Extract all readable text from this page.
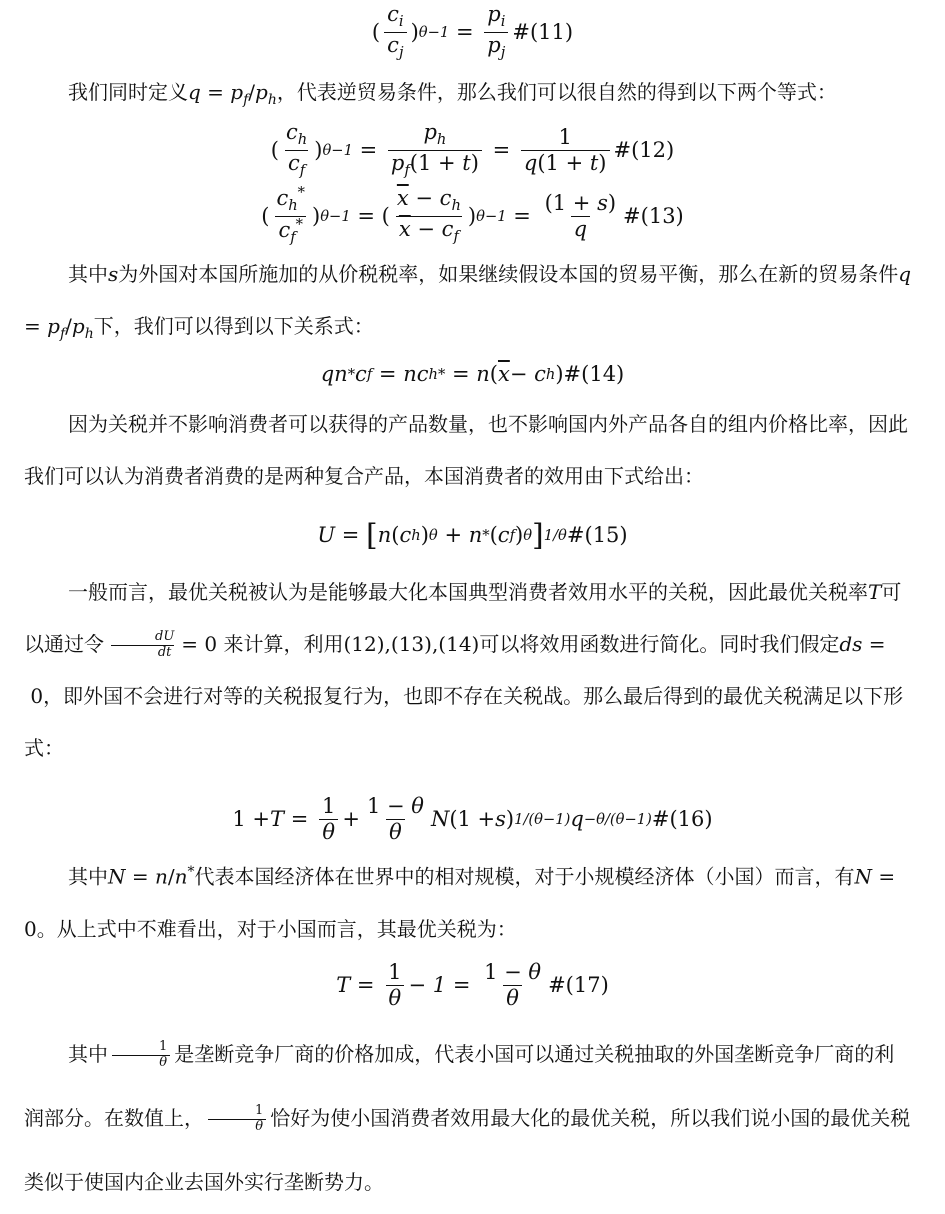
( $\frac{c_i}{c_j}$ ) $\theta-1 = \frac{p_i}{p_j}$ #(11)

我们同时定义$q = p_f/p_h$，代表逆贸易条件，那么我们可以很自然的得到以下两个等式：

( $\frac{c_h}{c_f}$ ) $\theta-1 = \frac{p_h}{p_f(1 + t)} = \frac{1}{q(1 + t)}$ #(12)
( $\frac{c_h^*}{c_f^*}$ ) θ−1 = ( $\frac{\overline{x} - c_h}{\overline{x} - c_f}$ ) $\theta-1 = \frac{(1 + s)}{q}$ #(13)

其中s为外国对本国所施加的从价税税率，如果继续假设本国的贸易平衡，那么在新的贸易条件$q = p_f/p_h$下，我们可以得到以下关系式：

qn * c f = nc h * = n ( $\overline{x} - c$ h ) #(14)

因为关税并不影响消费者可以获得的产品数量，也不影响国内外产品各自的组内价格比率，因此我们可以认为消费者消费的是两种复合产品，本国消费者的效用由下式给出：

U = [ n ( c h ) θ + n * ( c f ) θ ] 1/θ #(15)

一般而言，最优关税被认为是能够最大化本国典型消费者效用水平的关税，因此最优关税率T可以通过令 $\frac{dU}{dt} = 0$ 来计算，利用(12),(13),(14)可以将效用函数进行简化。同时我们假定ds =  0，即外国不会进行对等的关税报复行为，也即不存在关税战。那么最后得到的最优关税满足以下形式：

$1 + T = \frac{1}{\theta} + \frac{1 - \theta}{\theta}$ N (1 + s ) 1/(θ−1) q −θ/(θ−1) #(16)

其中N = n/n*代表本国经济体在世界中的相对规模，对于小规模经济体（小国）而言，有N = 0。从上式中不难看出，对于小国而言，其最优关税为：

$T = \frac{1}{\theta} - 1 = \frac{1 - \theta}{\theta}$ #(17)

其中 $\frac{1}{\theta}$ 是垄断竞争厂商的价格加成，代表小国可以通过关税抽取的外国垄断竞争厂商的利润部分。在数值上， $\frac{1}{\theta}$ 恰好为使小国消费者效用最大化的最优关税，所以我们说小国的最优关税类似于使国内企业去国外实行垄断势力。
